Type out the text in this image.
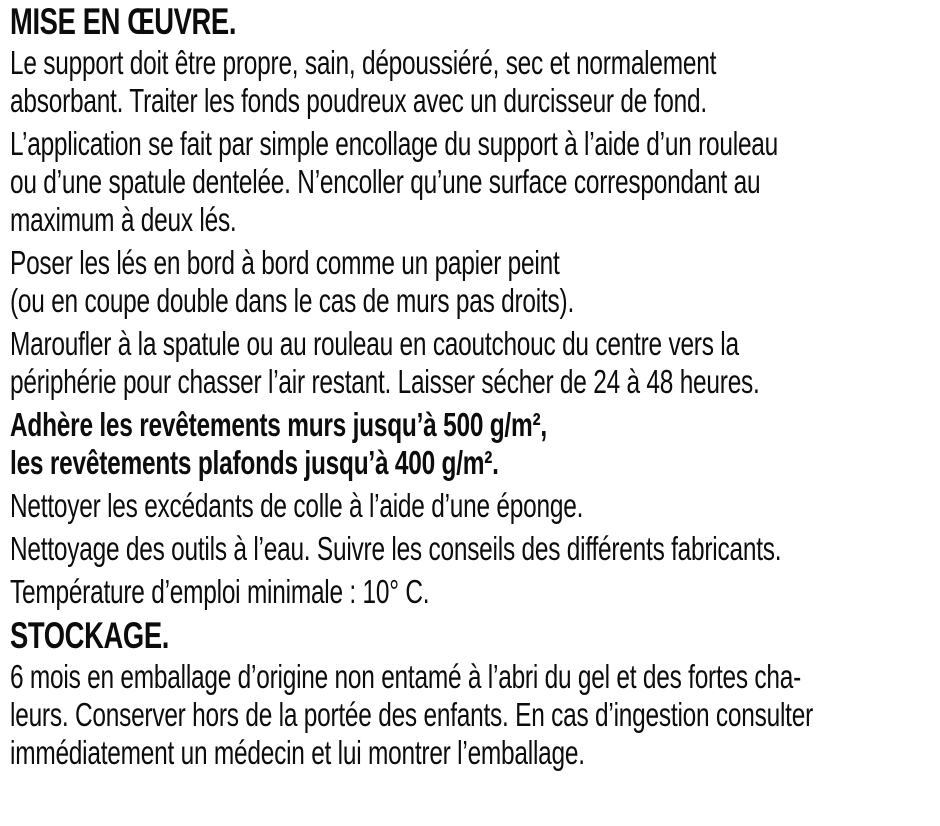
MISE EN ŒUVRE.
Le support doit être propre, sain, dépoussiéré, sec et normalement
absorbant. Traiter les fonds poudreux avec un durcisseur de fond.
L’application se fait par simple encollage du support à l’aide d’un rouleau
ou d’une spatule dentelée. N’encoller qu’une surface correspondant au
maximum à deux lés.
Poser les lés en bord à bord comme un papier peint
(ou en coupe double dans le cas de murs pas droits).
Maroufler à la spatule ou au rouleau en caoutchouc du centre vers la
périphérie pour chasser l’air restant. Laisser sécher de 24 à 48 heures.
Adhère les revêtements murs jusqu’à 500 g/m²,
les revêtements plafonds jusqu’à 400 g/m².
Nettoyer les excédants de colle à l’aide d’une éponge.
Nettoyage des outils à l’eau. Suivre les conseils des différents fabricants.
Température d’emploi minimale : 10° C.
STOCKAGE.
6 mois en emballage d’origine non entamé à l’abri du gel et des fortes cha-
leurs. Conserver hors de la portée des enfants. En cas d’ingestion consulter
immédiatement un médecin et lui montrer l’emballage.
